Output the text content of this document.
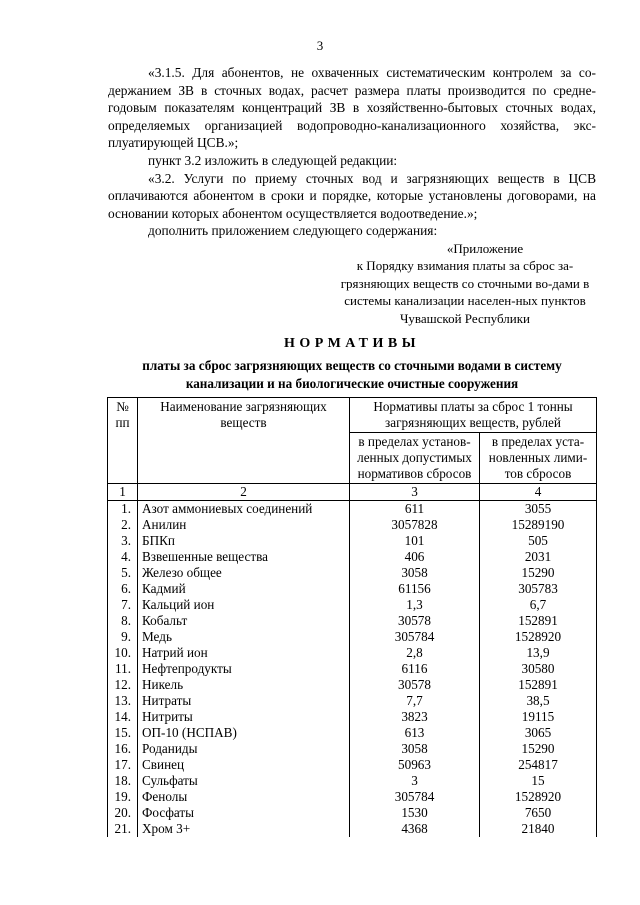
3

«3.1.5. Для абонентов, не охваченных систематическим контролем за со-держанием ЗВ в сточных водах, расчет размера платы производится по средне-годовым показателям концентраций ЗВ в хозяйственно-бытовых сточных водах, определяемых организацией водопроводно-канализационного хозяйства, экс-плуатирующей ЦСВ.»;

пункт 3.2 изложить в следующей редакции:

«3.2. Услуги по приему сточных вод и загрязняющих веществ в ЦСВ оплачиваются абонентом в сроки и порядке, которые установлены договорами, на основании которых абонентом осуществляется водоотведение.»;

дополнить приложением следующего содержания:

«Приложение
к Порядку взимания платы за сброс за-грязняющих веществ со сточными во-дами в системы канализации населен-ных пунктов Чувашской Республики
НОРМАТИВЫ
платы за сброс загрязняющих веществ со сточными водами в систему канализации и на биологические очистные сооружения
№ пп	Наименование загрязняющих веществ	Нормативы платы за сброс 1 тонны загрязняющих веществ, рублей	
		в пределах установ-ленных допустимых нормативов сбросов	в пределах уста-новленных лими-тов сбросов
1	2	3	4
1.	Азот аммониевых соединений	611	3055
2.	Анилин	3057828	15289190
3.	БПКп	101	505
4.	Взвешенные вещества	406	2031
5.	Железо общее	3058	15290
6.	Кадмий	61156	305783
7.	Кальций ион	1,3	6,7
8.	Кобальт	30578	152891
9.	Медь	305784	1528920
10.	Натрий ион	2,8	13,9
11.	Нефтепродукты	6116	30580
12.	Никель	30578	152891
13.	Нитраты	7,7	38,5
14.	Нитриты	3823	19115
15.	ОП-10 (НСПАВ)	613	3065
16.	Роданиды	3058	15290
17.	Свинец	50963	254817
18.	Сульфаты	3	15
19.	Фенолы	305784	1528920
20.	Фосфаты	1530	7650
21.	Хром 3+	4368	21840
